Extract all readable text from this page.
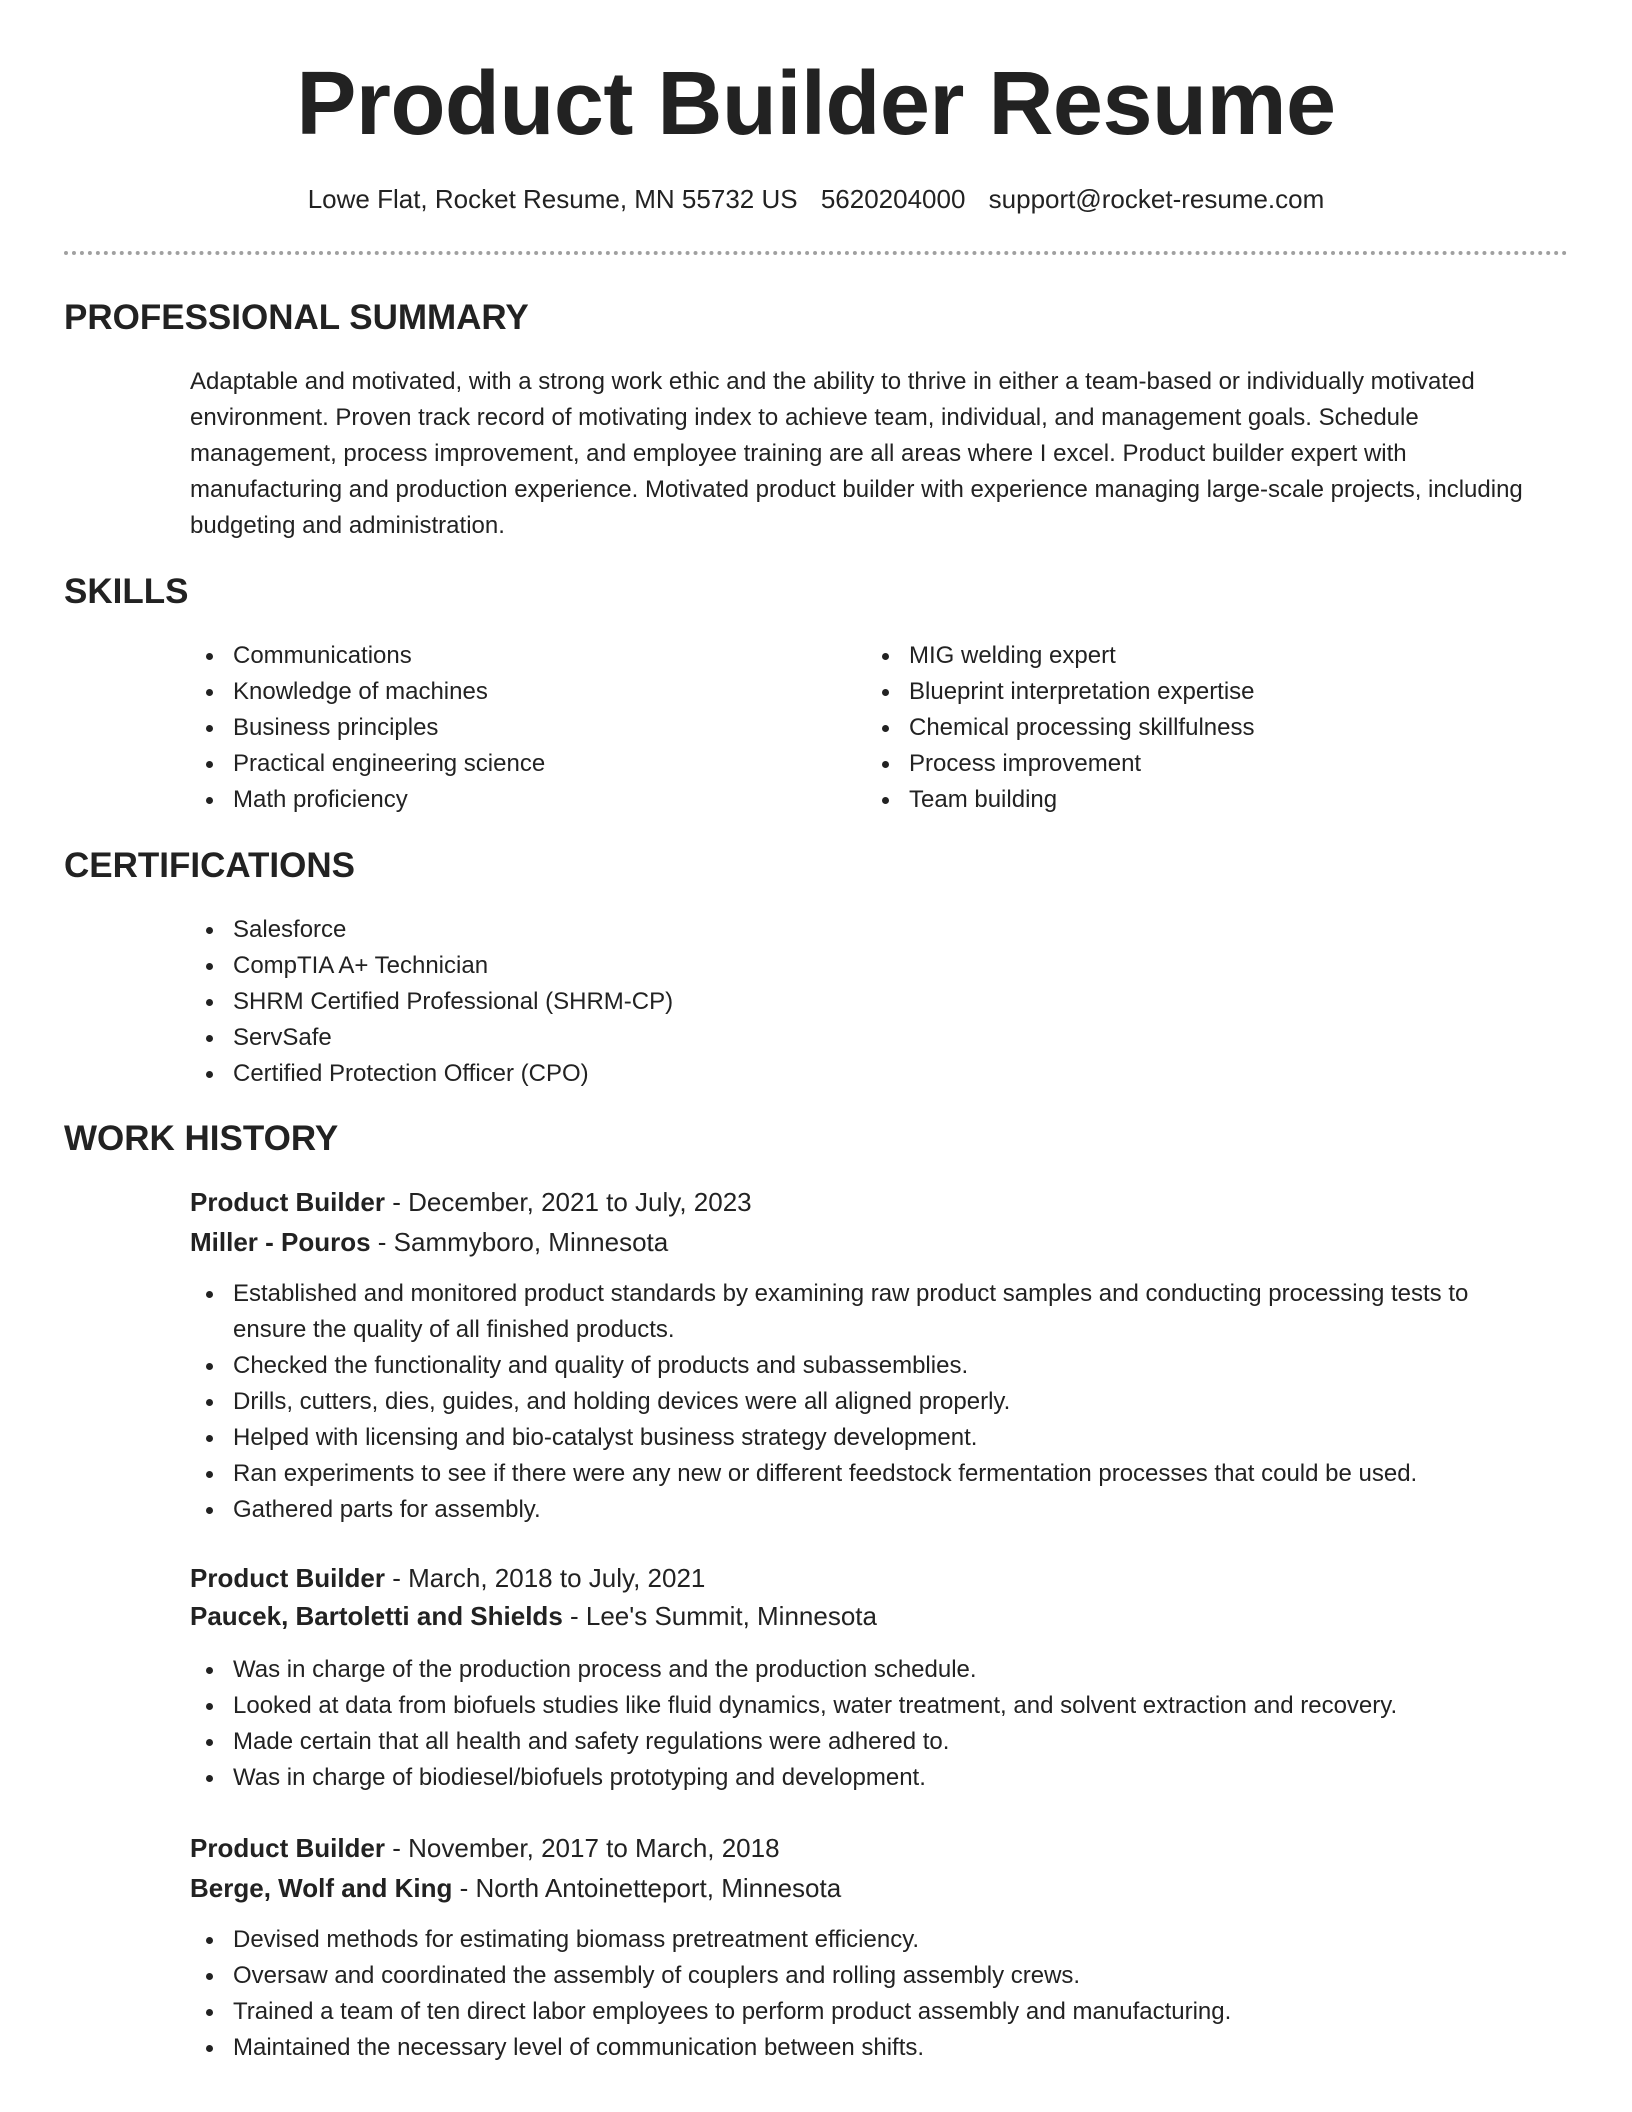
Product Builder Resume
Lowe Flat, Rocket Resume, MN 55732 US 5620204000 support@rocket-resume.com
PROFESSIONAL SUMMARY
Adaptable and motivated, with a strong work ethic and the ability to thrive in either a team-based or individually motivated environment. Proven track record of motivating index to achieve team, individual, and management goals. Schedule management, process improvement, and employee training are all areas where I excel. Product builder expert with manufacturing and production experience. Motivated product builder with experience managing large-scale projects, including budgeting and administration.
SKILLS
Communications
Knowledge of machines
Business principles
Practical engineering science
Math proficiency
MIG welding expert
Blueprint interpretation expertise
Chemical processing skillfulness
Process improvement
Team building
CERTIFICATIONS
Salesforce
CompTIA A+ Technician
SHRM Certified Professional (SHRM-CP)
ServSafe
Certified Protection Officer (CPO)
WORK HISTORY
Product Builder - December, 2021 to July, 2023
Miller - Pouros - Sammyboro, Minnesota
Established and monitored product standards by examining raw product samples and conducting processing tests to ensure the quality of all finished products.
Checked the functionality and quality of products and subassemblies.
Drills, cutters, dies, guides, and holding devices were all aligned properly.
Helped with licensing and bio-catalyst business strategy development.
Ran experiments to see if there were any new or different feedstock fermentation processes that could be used.
Gathered parts for assembly.
Product Builder - March, 2018 to July, 2021
Paucek, Bartoletti and Shields - Lee's Summit, Minnesota
Was in charge of the production process and the production schedule.
Looked at data from biofuels studies like fluid dynamics, water treatment, and solvent extraction and recovery.
Made certain that all health and safety regulations were adhered to.
Was in charge of biodiesel/biofuels prototyping and development.
Product Builder - November, 2017 to March, 2018
Berge, Wolf and King - North Antoinetteport, Minnesota
Devised methods for estimating biomass pretreatment efficiency.
Oversaw and coordinated the assembly of couplers and rolling assembly crews.
Trained a team of ten direct labor employees to perform product assembly and manufacturing.
Maintained the necessary level of communication between shifts.
